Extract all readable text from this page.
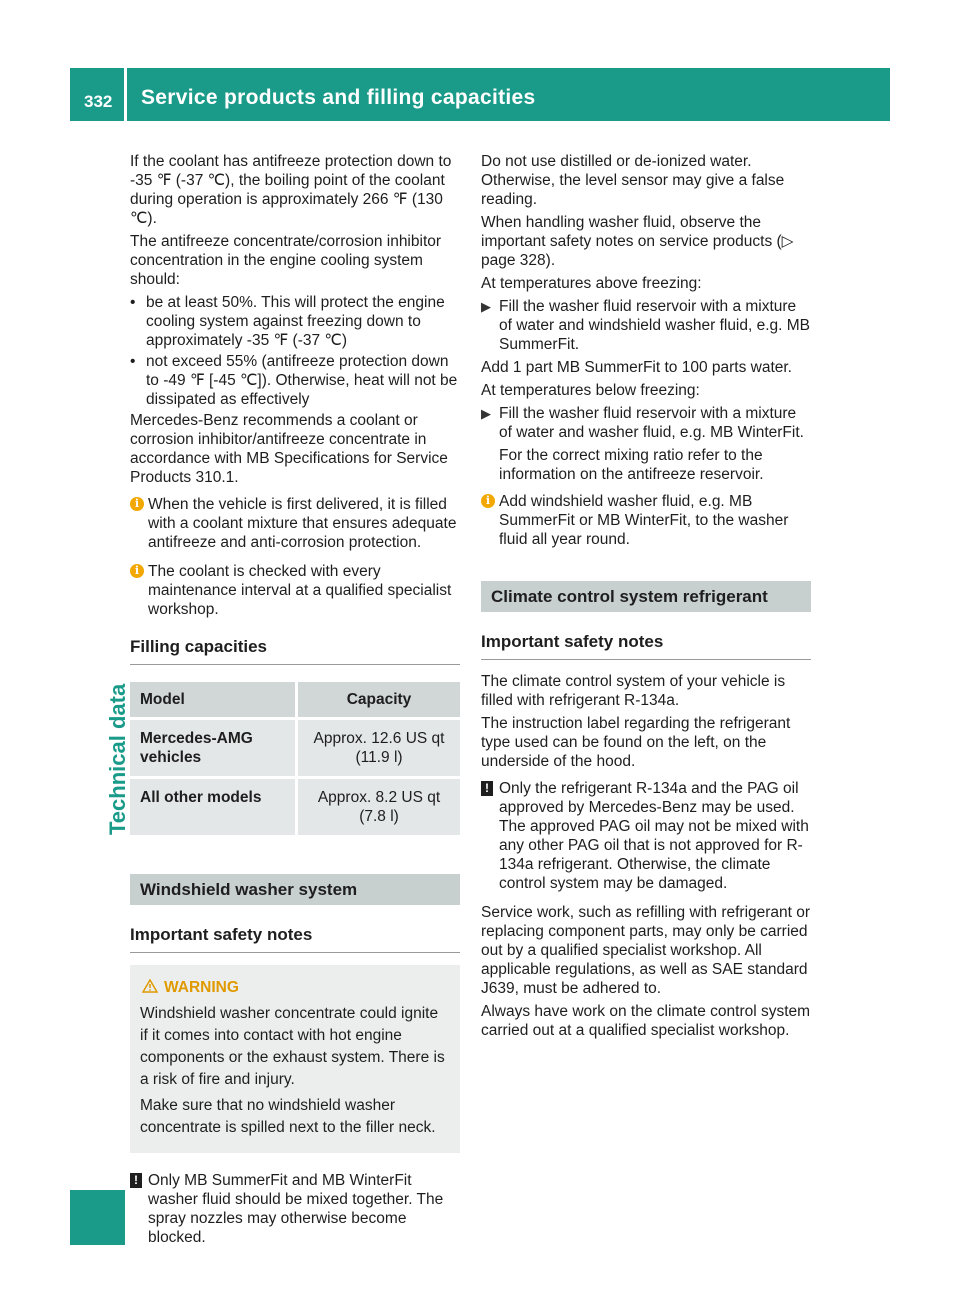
332 Service products and filling capacities
Technical data

If the coolant has antifreeze protection down to -35 ℉ (-37 ℃), the boiling point of the coolant during operation is approximately 266 ℉ (130 ℃).

The antifreeze concentrate/corrosion inhibitor concentration in the engine cooling system should:

• be at least 50%. This will protect the engine cooling system against freezing down to approximately -35 ℉ (-37 ℃)
• not exceed 55% (antifreeze protection down to -49 ℉ [-45 ℃]). Otherwise, heat will not be dissipated as effectively

Mercedes-Benz recommends a coolant or corrosion inhibitor/antifreeze concentrate in accordance with MB Specifications for Service Products 310.1.

i When the vehicle is first delivered, it is filled with a coolant mixture that ensures adequate antifreeze and anti-corrosion protection.
i The coolant is checked with every maintenance interval at a qualified specialist workshop.
Filling capacities
Model	Capacity
Mercedes-AMG vehicles	Approx. 12.6 US qt (11.9 l)
All other models	Approx. 8.2 US qt (7.8 l)
Windshield washer system
Important safety notes
WARNING

Windshield washer concentrate could ignite if it comes into contact with hot engine components or the exhaust system. There is a risk of fire and injury.

Make sure that no windshield washer concentrate is spilled next to the filler neck.

! Only MB SummerFit and MB WinterFit washer fluid should be mixed together. The spray nozzles may otherwise become blocked.

Do not use distilled or de-ionized water. Otherwise, the level sensor may give a false reading.

When handling washer fluid, observe the important safety notes on service products (▷ page 328).

At temperatures above freezing:

▶ Fill the washer fluid reservoir with a mixture of water and windshield washer fluid, e.g. MB SummerFit.

Add 1 part MB SummerFit to 100 parts water.

At temperatures below freezing:

▶ Fill the washer fluid reservoir with a mixture of water and washer fluid, e.g. MB WinterFit.

For the correct mixing ratio refer to the information on the antifreeze reservoir.

i Add windshield washer fluid, e.g. MB SummerFit or MB WinterFit, to the washer fluid all year round.
Climate control system refrigerant
Important safety notes

The climate control system of your vehicle is filled with refrigerant R-134a.

The instruction label regarding the refrigerant type used can be found on the left, on the underside of the hood.

! Only the refrigerant R-134a and the PAG oil approved by Mercedes-Benz may be used. The approved PAG oil may not be mixed with any other PAG oil that is not approved for R-134a refrigerant. Otherwise, the climate control system may be damaged.

Service work, such as refilling with refrigerant or replacing component parts, may only be carried out by a qualified specialist workshop. All applicable regulations, as well as SAE standard J639, must be adhered to.

Always have work on the climate control system carried out at a qualified specialist workshop.
